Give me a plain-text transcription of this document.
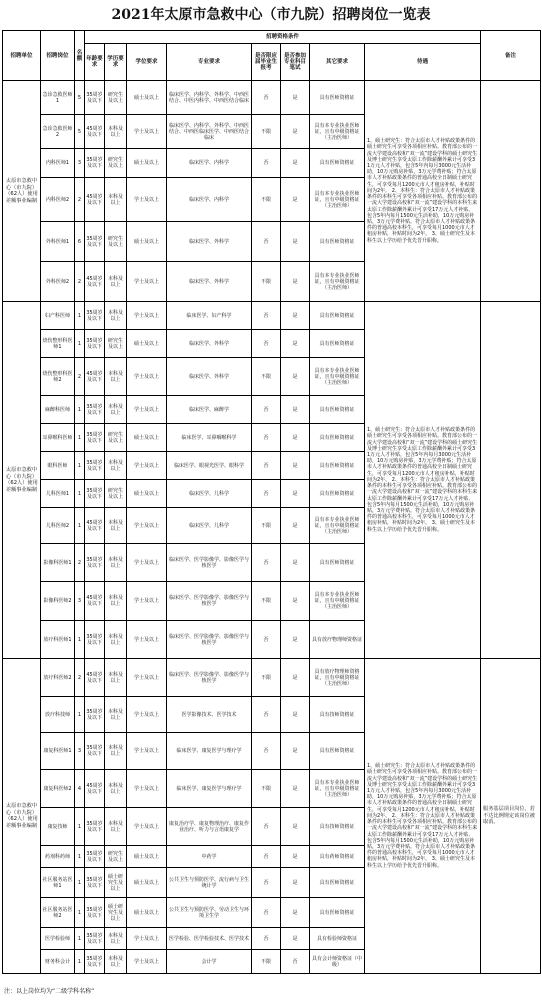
2021年太原市急救中心（市九院）招聘岗位一览表
招聘单位	招聘岗位	名额	招聘资格条件								备注
			年龄要求	学历要求	学位要求	专业要求	是否限应届毕业生报考	是否参加专业科目笔试	其它要求	待遇	
太原市急救中心（市九院）（62人）使用差额事业编制	急诊急救医师1	5	35周岁及以下	研究生及以上	硕士及以上	临床医学、内科学、外科学、中西医结合、中医内科学、中西医结合临床	否	是	具有医师资格证	1、硕士研究生：符合太原市人才补贴政策条件的硕士研究生可享受各项相应补贴。教育部公布的一流大学建设高校和“双一流”建设学科的硕士研究生及博士研究生享受太原工作除薪酬外累计可享受31万元人才补贴，包含5年内每月3000元生活补助，10万元购房补贴，3万元学费补贴；符合太原市人才补贴政策条件的普通高校全日制硕士研究生，可享受每月1200元市人才租房补贴，补贴时间为2年。 2、本科生：符合太原市人才补贴政策条件的本科生可享受各项相应补贴。教育部公布的一流大学建设高校和“双一流”建设学科的本科生来太原工作除薪酬外累计可享受17万元人才补贴，包含5年内每月1500元生活补助，10万元购房补贴，3万元学费补贴。符合太原市人才补贴政策条件的普通高校本科生，可享受每月1000元市人才租房补贴，补贴时间为2年。 3、硕士研究生及本科生以上学历给予优先晋升职称。	
	急诊急救医师2	5	45周岁及以下	本科及以上	学士及以上	临床医学、内科学、外科学、中西医结合、中西医临床医学、中西医结合临床	不限	是	具有本专业执业医师证，且有中级资格证（主治医师）		
	内科医师1	3	35周岁及以下	研究生及以上	硕士及以上	临床医学、内科学	否	是	具有医师资格证		
	内科医师2	2	45周岁及以下	本科及以上	学士及以上	临床医学、内科学	不限	是	具有本专业执业医师证，且有中级资格证（主治医师）		
	外科医师1	6	35周岁及以下	研究生及以上	硕士及以上	临床医学、外科学	否	是	具有医师资格证		
	外科医师2	2	45周岁及以下	本科及以上	学士及以上	临床医学、外科学	不限	是	具有本专业执业医师证，且有中级资格证（主治医师）		
太原市急救中心（市九院）（62人）使用差额事业编制	妇产科医师	1	35周岁及以下	本科及以上	学士及以上	临床医学、妇产科学	否	是	具有医师资格证	1、硕士研究生：符合太原市人才补贴政策条件的硕士研究生可享受各项相应补贴。教育部公布的一流大学建设高校和“双一流”建设学科的硕士研究生及博士研究生享受太原工作除薪酬外累计可享受31万元人才补贴，包含5年内每月3000元生活补助，10万元购房补贴，3万元学费补贴；符合太原市人才补贴政策条件的普通高校全日制硕士研究生，可享受每月1200元市人才租房补贴，补贴时间为2年。 2、本科生：符合太原市人才补贴政策条件的本科生可享受各项相应补贴。教育部公布的一流大学建设高校和“双一流”建设学科的本科生来太原工作除薪酬外累计可享受17万元人才补贴，包含5年内每月1500元生活补助，10万元购房补贴，3万元学费补贴。符合太原市人才补贴政策条件的普通高校本科生，可享受每月1000元市人才租房补贴，补贴时间为2年。 3、硕士研究生及本科生以上学历给予优先晋升职称。	
	烧伤整形科医师1	1	35周岁及以下	研究生及以上	硕士及以上	临床医学、外科学	否	是	具有医师资格证		
	烧伤整形科医师2	2	45周岁及以下	本科及以上	学士及以上	临床医学、外科学	不限	是	具有本专业执业医师证，且有中级资格证（主治医师）		
	麻醉科医师	1	35周岁及以下	本科及以上	学士及以上	临床医学、麻醉学	否	是	具有医师资格证		
	耳鼻喉科医师	1	35周岁及以下	研究生及以上	硕士及以上	临床医学、耳鼻咽喉科学	否	是	具有医师资格证		
	眼科医师	1	35周岁及以下	本科及以上	学士及以上	临床医学、眼视光医学、眼科学	否	是	具有医师资格证		
	儿科医师1	1	35周岁及以下	研究生及以上	硕士及以上	临床医学、儿科学	否	是	具有医师资格证		
	儿科医师2	1	45周岁及以下	本科及以上	学士及以上	临床医学、儿科学	不限	是	具有本专业执业医师证，且有中级资格证（主治医师）		
	影像科医师1	2	35周岁及以下	本科及以上	学士及以上	临床医学、医学影像学、影像医学与核医学	否	是	具有医师资格证		
	影像科医师2	3	45周岁及以下	本科及以上	学士及以上	临床医学、医学影像学、影像医学与核医学	不限	是	具有本专业执业医师证，且有中级资格证（主治医师）		
	放疗科医师1	1	35周岁及以下	本科及以上	学士及以上	临床医学、医学影像学、影像医学与核医学	否	是	具有放疗物理师资格证		
太原市急救中心（市九院）（62人）使用差额事业编制	放疗科医师2	2	45周岁及以下	本科及以上	学士及以上	临床医学、医学影像学、影像医学与核医学	不限	是	具有放疗物理师资格证，且有中级资格证（主治医师）	1、硕士研究生：符合太原市人才补贴政策条件的硕士研究生可享受各项相应补贴。教育部公布的一流大学建设高校和“双一流”建设学科的硕士研究生及博士研究生享受太原工作除薪酬外累计可享受31万元人才补贴，包含5年内每月3000元生活补助，10万元购房补贴，3万元学费补贴；符合太原市人才补贴政策条件的普通高校全日制硕士研究生，可享受每月1200元市人才租房补贴，补贴时间为2年。 2、本科生：符合太原市人才补贴政策条件的本科生可享受各项相应补贴。教育部公布的一流大学建设高校和“双一流”建设学科的本科生来太原工作除薪酬外累计可享受17万元人才补贴，包含5年内每月1500元生活补助，10万元购房补贴，3万元学费补贴。符合太原市人才补贴政策条件的普通高校本科生，可享受每月1000元市人才租房补贴，补贴时间为2年。 3、硕士研究生及本科生以上学历给予优先晋升职称。	服务基层项目岗位，若不达比例规定该岗位被取消。
	放疗科技师	1	35周岁及以下	本科及以上	学士及以上	医学影像技术、医学技术	否	是	具有技师资格证		
	康复科医师1	3	35周岁及以下	本科及以上	学士及以上	临床医学、康复医学与理疗学	否	是	具有医师资格证		
	康复科医师2	4	45周岁及以下	本科及以上	学士及以上	临床医学、康复医学与理疗学	不限	是	具有本专业执业医师证，且有中级资格证（主治医师）		
	康复技师	1	35周岁及以下	本科及以上	学士及以上	康复治疗学、康复物理治疗、康复作业治疗、听力与言语康复学	否	是	具有技师资格证		
	药剂科药师	1	35周岁及以下	研究生及以上	硕士及以上	中药学	否	是	具有药师资格证		
	社区服务站医师1	1	35周岁及以下	硕士研究生及以上	硕士及以上	公共卫生与预防医学、流行病与卫生统计学	否	是	具有医师资格证		
	社区服务站医师2	1	35周岁及以下	硕士研究生及以上	硕士及以上	公共卫生与预防医学、劳动卫生与环境卫生学	否	是	具有医师资格证		
	医学检验师	1	35周岁及以下	本科及以上	学士及以上	医学检验、医学检验技术、医学技术	否	是	具有检验师资格证		
	财务科会计	1	35周岁及以下	本科及以上	学士及以上	会计学	不限	否	具有会计师资格证（中级）		
注：以上岗位均为“二级学科名称”
